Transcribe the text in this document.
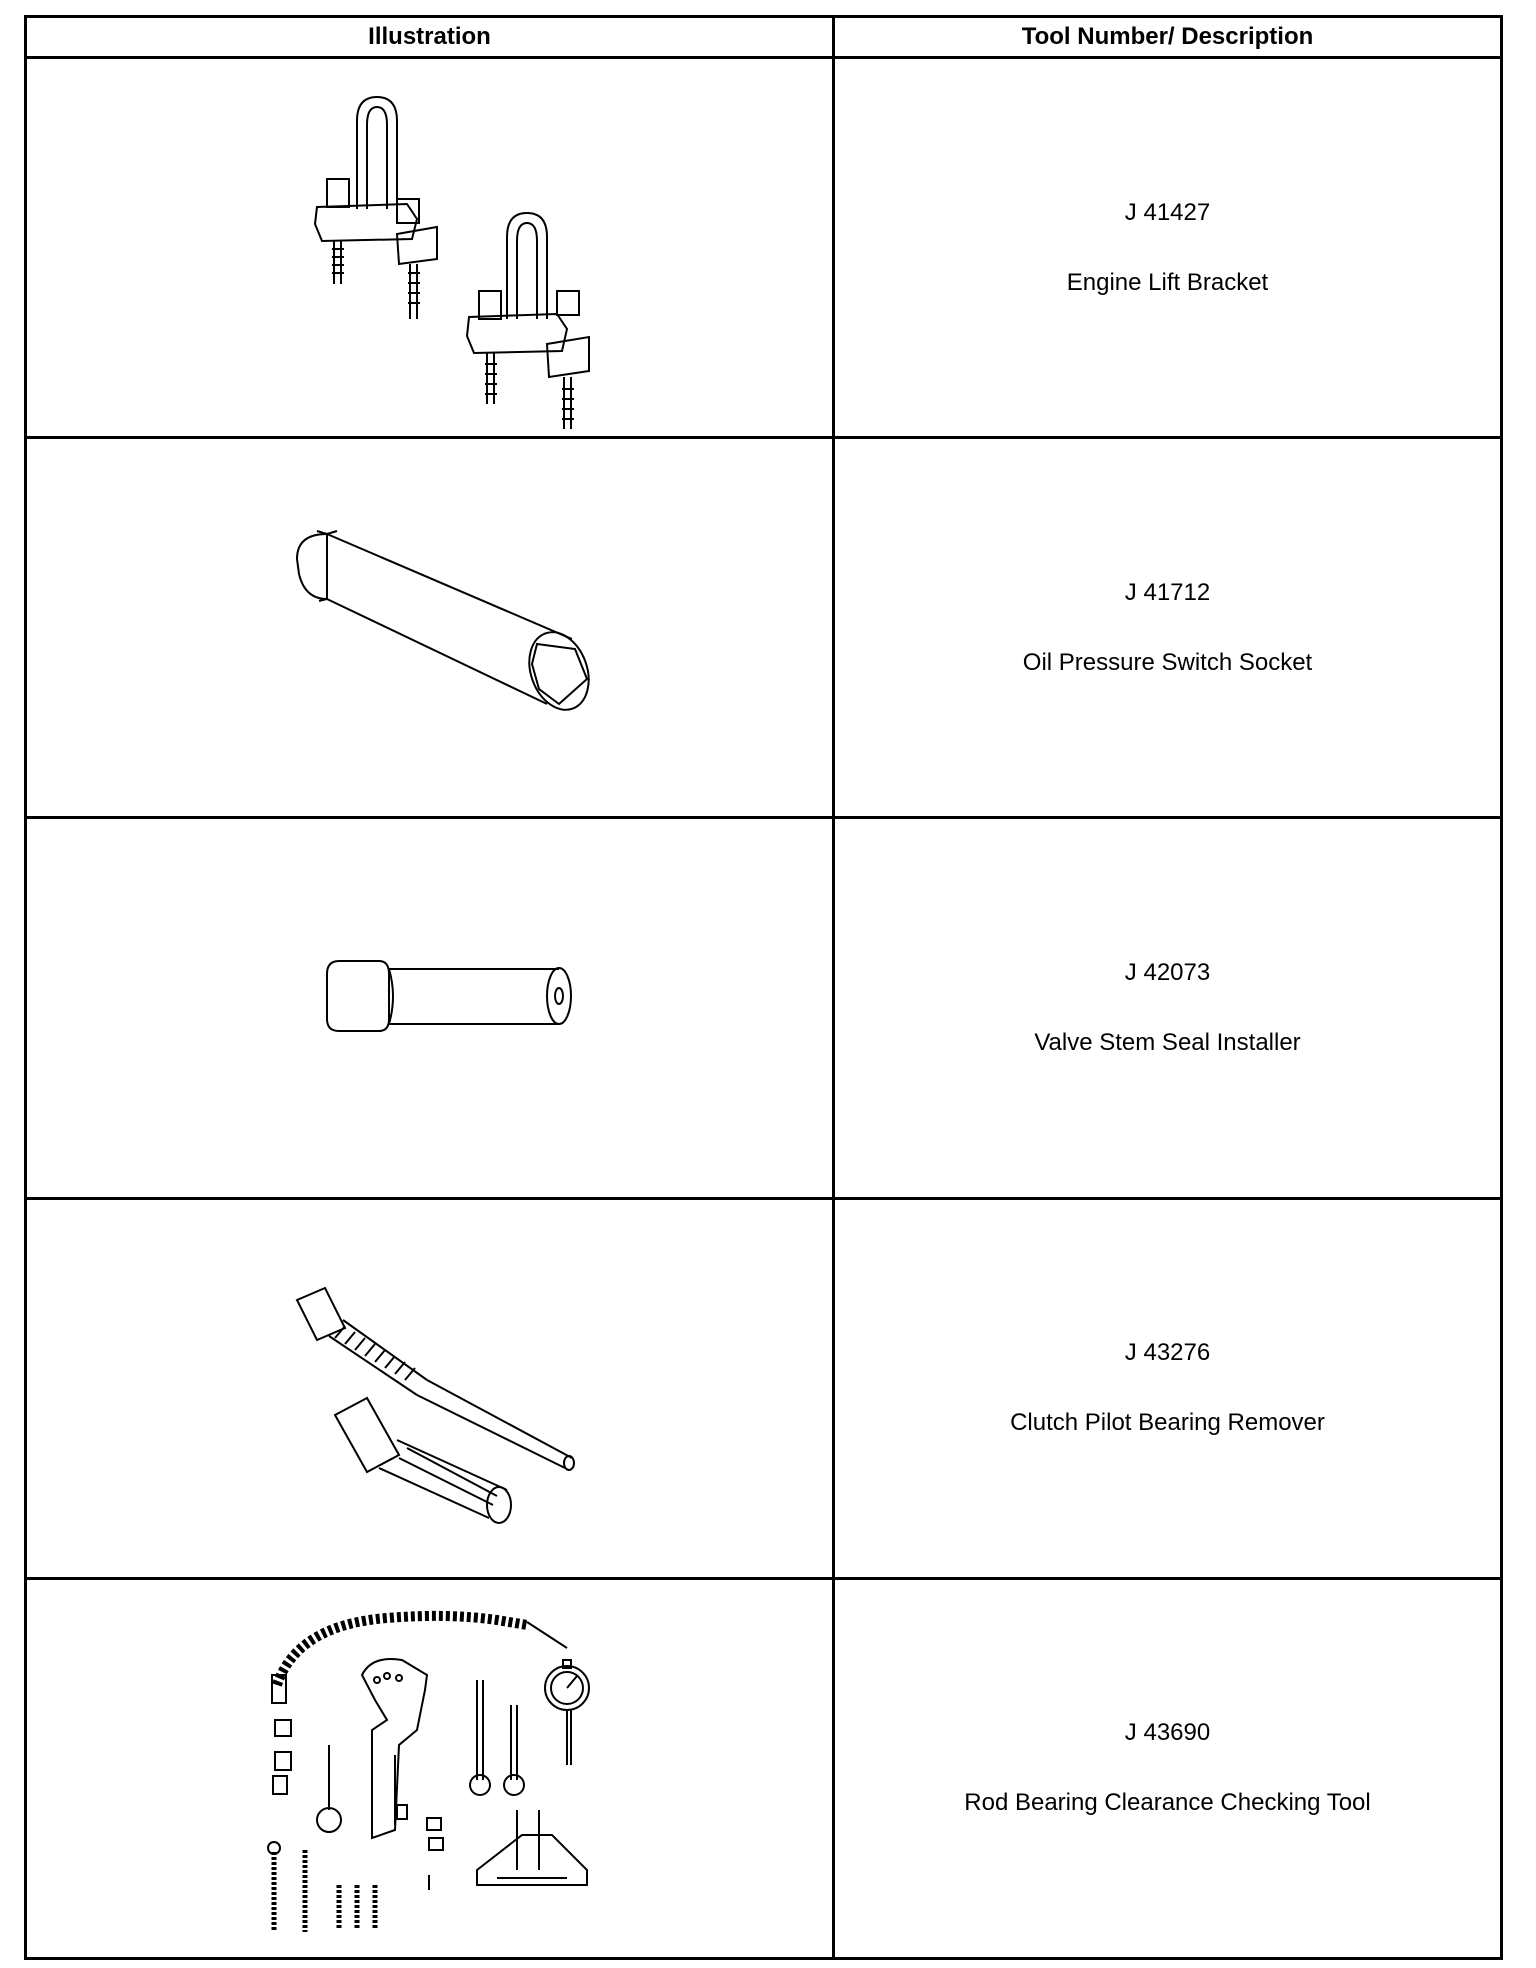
Illustration	Tool Number/ Description

J 41427
Engine Lift Bracket

J 41712
Oil Pressure Switch Socket

J 42073
Valve Stem Seal Installer

J 43276
Clutch Pilot Bearing Remover

J 43690
Rod Bearing Clearance Checking Tool
